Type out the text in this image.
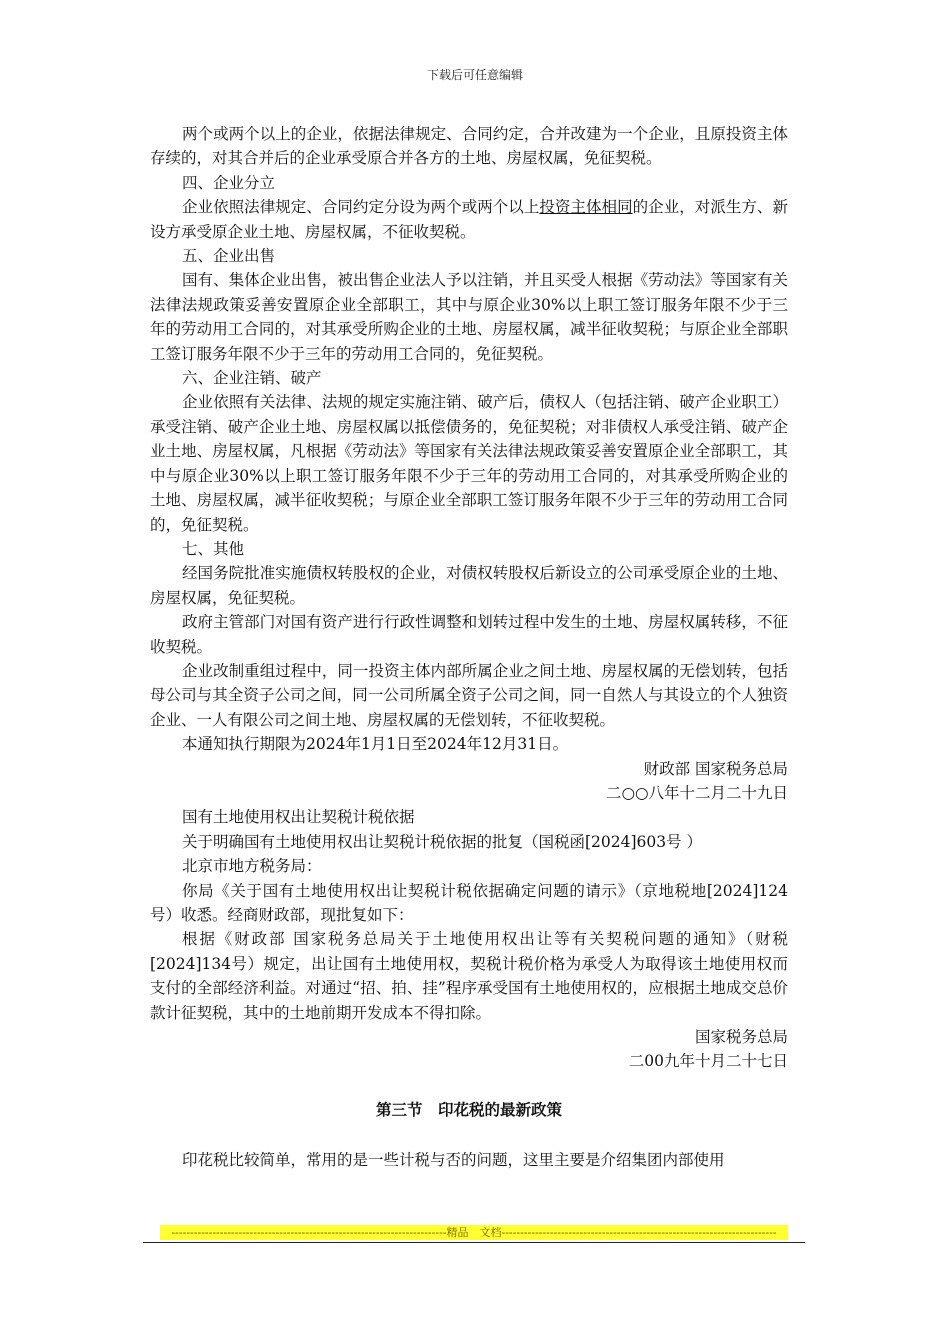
下载后可任意编辑

两个或两个以上的企业，依据法律规定、合同约定，合并改建为一个企业，且原投资主体存续的，对其合并后的企业承受原合并各方的土地、房屋权属，免征契税。

四、企业分立

企业依照法律规定、合同约定分设为两个或两个以上投资主体相同的企业，对派生方、新设方承受原企业土地、房屋权属，不征收契税。

五、企业出售

国有、集体企业出售，被出售企业法人予以注销，并且买受人根据《劳动法》等国家有关法律法规政策妥善安置原企业全部职工，其中与原企业30%以上职工签订服务年限不少于三年的劳动用工合同的，对其承受所购企业的土地、房屋权属，减半征收契税；与原企业全部职工签订服务年限不少于三年的劳动用工合同的，免征契税。

六、企业注销、破产

企业依照有关法律、法规的规定实施注销、破产后，债权人（包括注销、破产企业职工）承受注销、破产企业土地、房屋权属以抵偿债务的，免征契税；对非债权人承受注销、破产企业土地、房屋权属，凡根据《劳动法》等国家有关法律法规政策妥善安置原企业全部职工，其中与原企业30%以上职工签订服务年限不少于三年的劳动用工合同的，对其承受所购企业的土地、房屋权属，减半征收契税；与原企业全部职工签订服务年限不少于三年的劳动用工合同的，免征契税。

七、其他

经国务院批准实施债权转股权的企业，对债权转股权后新设立的公司承受原企业的土地、房屋权属，免征契税。

政府主管部门对国有资产进行行政性调整和划转过程中发生的土地、房屋权属转移，不征收契税。

企业改制重组过程中，同一投资主体内部所属企业之间土地、房屋权属的无偿划转，包括母公司与其全资子公司之间，同一公司所属全资子公司之间，同一自然人与其设立的个人独资企业、一人有限公司之间土地、房屋权属的无偿划转，不征收契税。

本通知执行期限为2024年1月1日至2024年12月31日。

财政部 国家税务总局

二○○八年十二月二十九日

国有土地使用权出让契税计税依据

关于明确国有土地使用权出让契税计税依据的批复（国税函[2024]603号 ）

北京市地方税务局：

你局《关于国有土地使用权出让契税计税依据确定问题的请示》（京地税地[2024]124号）收悉。经商财政部，现批复如下：

根据《财政部 国家税务总局关于土地使用权出让等有关契税问题的通知》（财税[2024]134号）规定，出让国有土地使用权，契税计税价格为承受人为取得该土地使用权而支付的全部经济利益。对通过“招、拍、挂”程序承受国有土地使用权的，应根据土地成交总价款计征契税，其中的土地前期开发成本不得扣除。

国家税务总局

二00九年十月二十七日

第三节　印花税的最新政策

印花税比较简单，常用的是一些计税与否的问题，这里主要是介绍集团内部使用

--------------------------------------------------------------------------精品　文档--------------------------------------------------------------------------
